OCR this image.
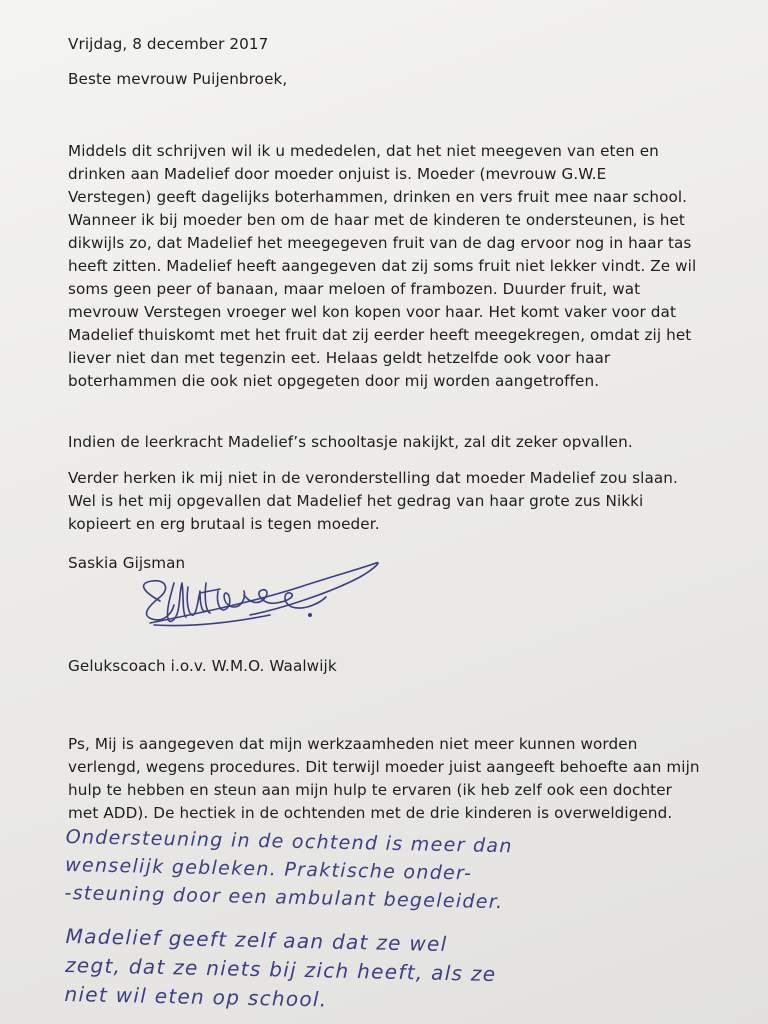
Vrijdag, 8 december 2017

Beste mevrouw Puijenbroek,

Middels dit schrijven wil ik u mededelen, dat het niet meegeven van eten en
drinken aan Madelief door moeder onjuist is. Moeder (mevrouw G.W.E
Verstegen) geeft dagelijks boterhammen, drinken en vers fruit mee naar school.
Wanneer ik bij moeder ben om de haar met de kinderen te ondersteunen, is het
dikwijls zo, dat Madelief het meegegeven fruit van de dag ervoor nog in haar tas
heeft zitten. Madelief heeft aangegeven dat zij soms fruit niet lekker vindt. Ze wil
soms geen peer of banaan, maar meloen of frambozen. Duurder fruit, wat
mevrouw Verstegen vroeger wel kon kopen voor haar. Het komt vaker voor dat
Madelief thuiskomt met het fruit dat zij eerder heeft meegekregen, omdat zij het
liever niet dan met tegenzin eet. Helaas geldt hetzelfde ook voor haar
boterhammen die ook niet opgegeten door mij worden aangetroffen.

Indien de leerkracht Madelief’s schooltasje nakijkt, zal dit zeker opvallen.

Verder herken ik mij niet in de veronderstelling dat moeder Madelief zou slaan.
Wel is het mij opgevallen dat Madelief het gedrag van haar grote zus Nikki
kopieert en erg brutaal is tegen moeder.

Saskia Gijsman

Gelukscoach i.o.v. W.M.O. Waalwijk

Ps, Mij is aangegeven dat mijn werkzaamheden niet meer kunnen worden
verlengd, wegens procedures. Dit terwijl moeder juist aangeeft behoefte aan mijn
hulp te hebben en steun aan mijn hulp te ervaren (ik heb zelf ook een dochter
met ADD). De hectiek in de ochtenden met de drie kinderen is overweldigend.

Ondersteuning in de ochtend is meer dan
wenselijk gebleken. Praktische onder-
-steuning door een ambulant begeleider.
Madelief geeft zelf aan dat ze wel
zegt, dat ze niets bij zich heeft, als ze
niet wil eten op school.
